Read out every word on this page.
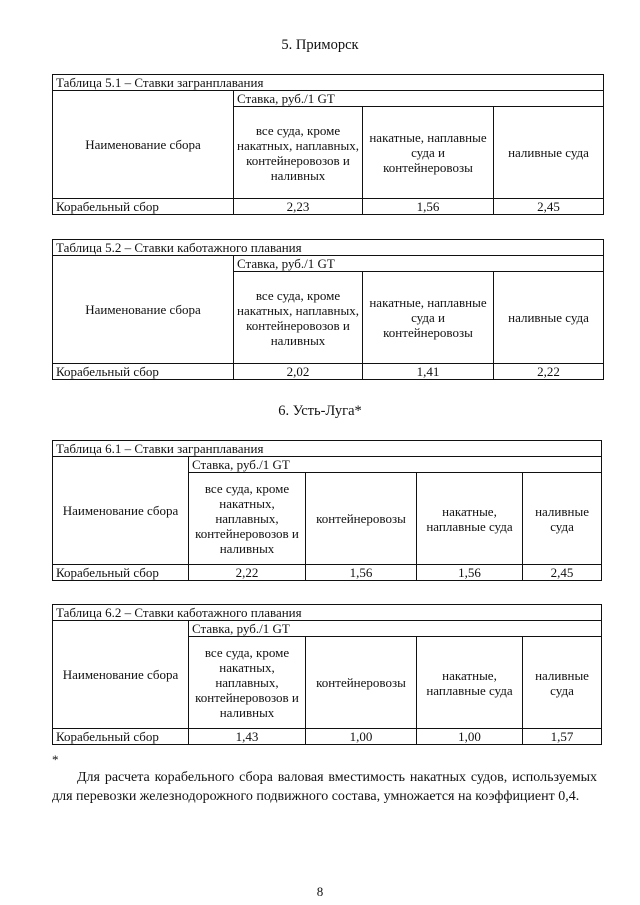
5. Приморск
Таблица 5.1 – Ставки загранплавания			
Наименование сбора	Ставка, руб./1 GT		
	все суда, кроме накатных, наплавных, контейнеровозов и наливных	накатные, наплавные суда и контейнеровозы	наливные суда
Корабельный сбор	2,23	1,56	2,45
Таблица 5.2 – Ставки каботажного плавания			
Наименование сбора	Ставка, руб./1 GT		
	все суда, кроме накатных, наплавных, контейнеровозов и наливных	накатные, наплавные суда и контейнеровозы	наливные суда
Корабельный сбор	2,02	1,41	2,22
6. Усть-Луга*
Таблица 6.1 – Ставки загранплавания				
Наименование сбора	Ставка, руб./1 GT			
	все суда, кроме накатных, наплавных, контейнеровозов и наливных	контейнеровозы	накатные, наплавные суда	наливные суда
Корабельный сбор	2,22	1,56	1,56	2,45
Таблица 6.2 – Ставки каботажного плавания				
Наименование сбора	Ставка, руб./1 GT			
	все суда, кроме накатных, наплавных, контейнеровозов и наливных	контейнеровозы	накатные, наплавные суда	наливные суда
Корабельный сбор	1,43	1,00	1,00	1,57
*
Для расчета корабельного сбора валовая вместимость накатных судов, используемых для перевозки железнодорожного подвижного состава, умножается на коэффициент 0,4.
8
